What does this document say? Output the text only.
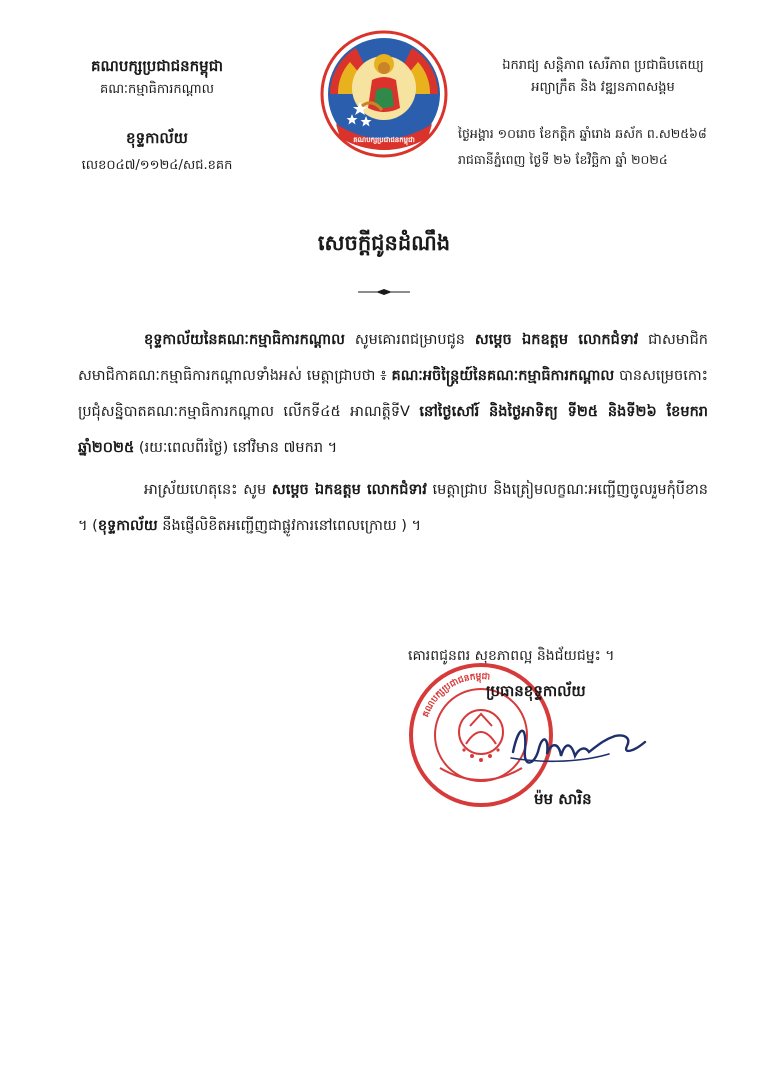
គណបក្សប្រជាជនកម្ពុជា
គណៈកម្មាធិការកណ្ដាល
ខុទ្ទកាល័យ
លេខ០៤៧/១១២៤/សជ.ខគក
គណបក្សប្រជាជនកម្ពុជា
ឯករាជ្យ សន្តិភាព សេរីភាព ប្រជាធិបតេយ្យ
អព្យាក្រឹត និង វឌ្ឍនភាពសង្គម
ថ្ងៃអង្គារ ១០រោច ខែកត្តិក ឆ្នាំរោង ឆស័ក ព.ស២៥៦៨
រាជធានីភ្នំពេញ ថ្ងៃទី ២៦ ខែវិច្ឆិកា ឆ្នាំ ២០២៤
សេចក្ដីជូនដំណឹង

ខុទ្ទកាល័យនៃគណៈកម្មាធិការកណ្ដាល សូមគោរពជម្រាបជូន សម្ដេច ឯកឧត្ដម លោកជំទាវ ជាសមាជិក សមាជិកាគណៈកម្មាធិការកណ្ដាលទាំងអស់ មេត្តាជ្រាបថា ៖ គណៈអចិន្ត្រៃយ៍នៃគណៈកម្មាធិការកណ្ដាល បានសម្រេចកោះប្រជុំសន្និបាតគណៈកម្មាធិការកណ្ដាល លើកទី៤៥ អាណត្តិទីV នៅថ្ងៃសៅរ៍ និងថ្ងៃអាទិត្យ ទី២៥ និងទី២៦ ខែមករា ឆ្នាំ២០២៥ (រយៈពេលពីរថ្ងៃ) នៅវិមាន ៧មករា ។

អាស្រ័យហេតុនេះ សូម សម្ដេច ឯកឧត្ដម លោកជំទាវ មេត្តាជ្រាប និងត្រៀមលក្ខណៈអញ្ជើញចូលរួមកុំបីខាន ។ (ខុទ្ទកាល័យ នឹងផ្ញើលិខិតអញ្ជើញជាផ្លូវការនៅពេលក្រោយ ) ។

គោរពជូនពរ សុខភាពល្អ និងជ័យជម្នះ ។
គណបក្សប្រជាជនកម្ពុជា
ប្រធានខុទ្ទកាល័យ
ម៉ម សារិន
